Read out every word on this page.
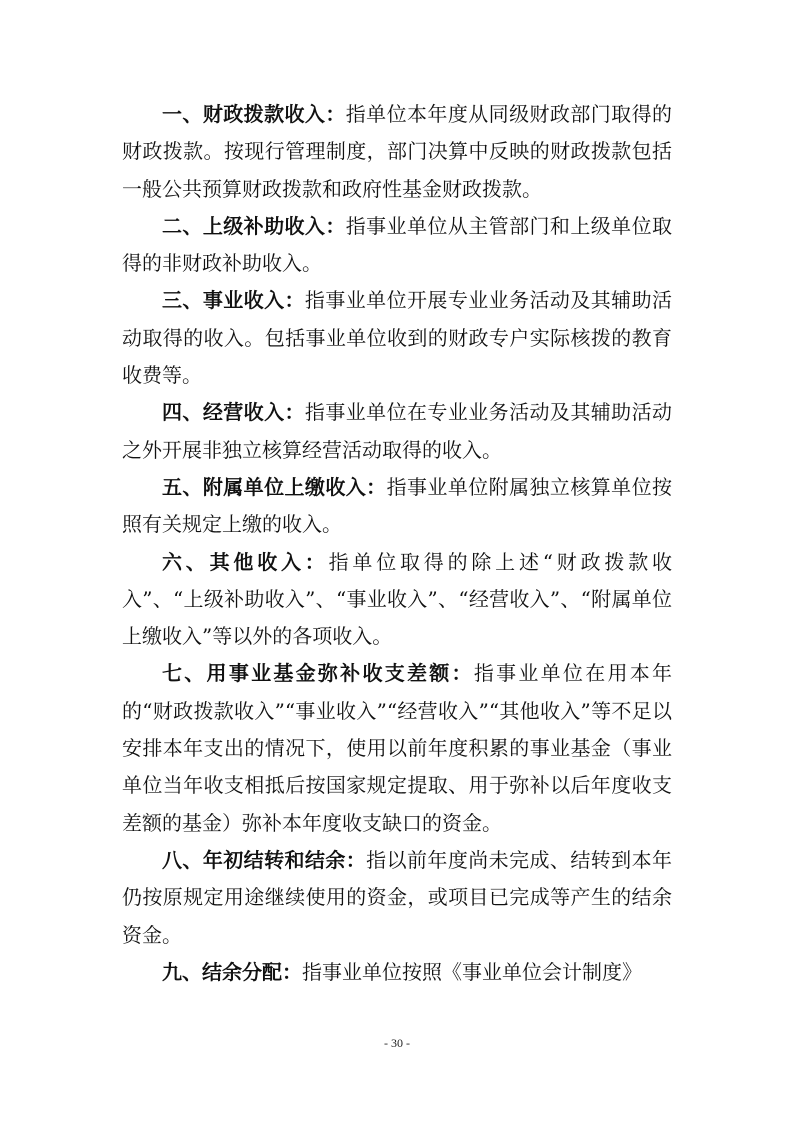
一、财政拨款收入：指单位本年度从同级财政部门取得的财政拨款。按现行管理制度，部门决算中反映的财政拨款包括一般公共预算财政拨款和政府性基金财政拨款。

二、上级补助收入：指事业单位从主管部门和上级单位取得的非财政补助收入。

三、事业收入：指事业单位开展专业业务活动及其辅助活动取得的收入。包括事业单位收到的财政专户实际核拨的教育收费等。

四、经营收入：指事业单位在专业业务活动及其辅助活动之外开展非独立核算经营活动取得的收入。

五、附属单位上缴收入：指事业单位附属独立核算单位按照有关规定上缴的收入。

六、其他收入：指单位取得的除上述“财政拨款收入”、“上级补助收入”、“事业收入”、“经营收入”、“附属单位上缴收入”等以外的各项收入。

七、用事业基金弥补收支差额：指事业单位在用本年的“财政拨款收入”“事业收入”“经营收入”“其他收入”等不足以安排本年支出的情况下，使用以前年度积累的事业基金（事业单位当年收支相抵后按国家规定提取、用于弥补以后年度收支差额的基金）弥补本年度收支缺口的资金。

八、年初结转和结余：指以前年度尚未完成、结转到本年仍按原规定用途继续使用的资金，或项目已完成等产生的结余资金。

九、结余分配：指事业单位按照《事业单位会计制度》

- 30 -
